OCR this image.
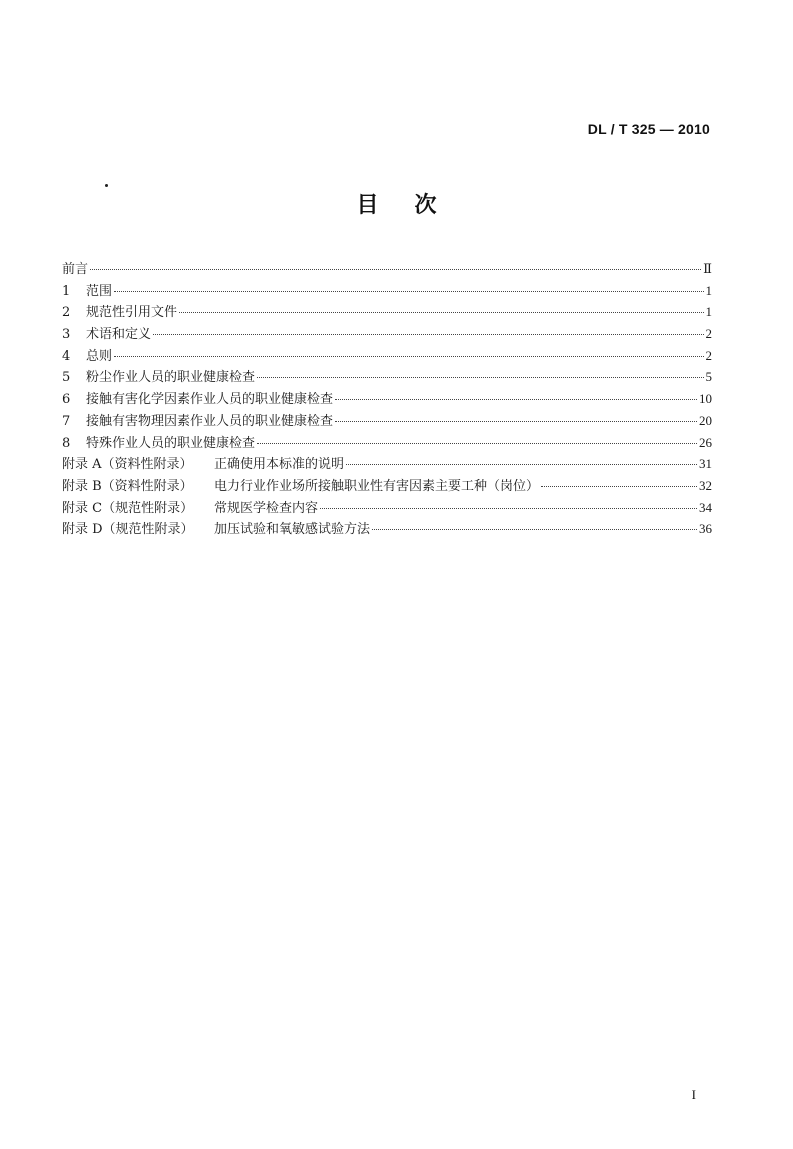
DL / T 325 — 2010
目次
前言	Ⅱ
1	范围	1
2	规范性引用文件	1
3	术语和定义	2
4	总则	2
5	粉尘作业人员的职业健康检查	5
6	接触有害化学因素作业人员的职业健康检查	10
7	接触有害物理因素作业人员的职业健康检查	20
8	特殊作业人员的职业健康检查	26
附录 A（资料性附录）	正确使用本标准的说明	31
附录 B（资料性附录）	电力行业作业场所接触职业性有害因素主要工种（岗位）	32
附录 C（规范性附录）	常规医学检查内容	34
附录 D（规范性附录）	加压试验和氧敏感试验方法	36
I
